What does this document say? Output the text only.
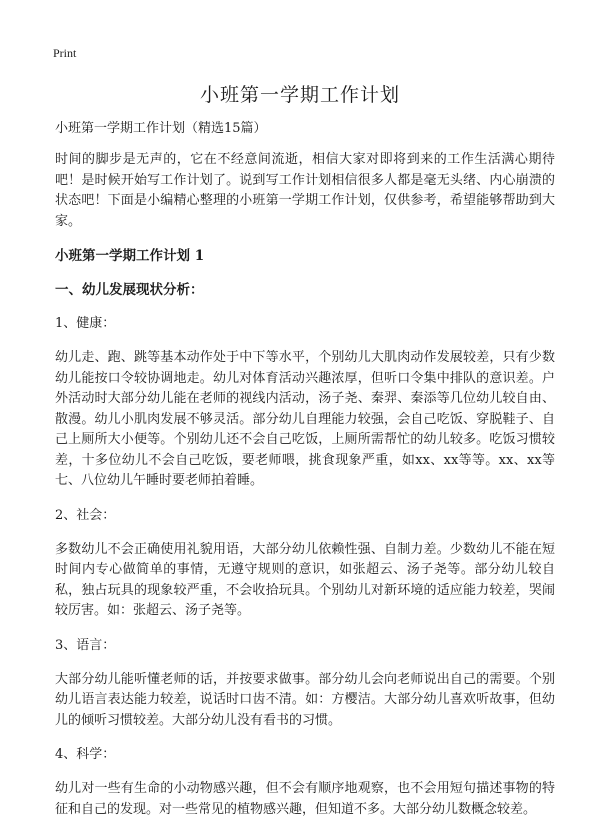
Print
小班第一学期工作计划

小班第一学期工作计划（精选15篇）

时间的脚步是无声的，它在不经意间流逝，相信大家对即将到来的工作生活满心期待吧！是时候开始写工作计划了。说到写工作计划相信很多人都是毫无头绪、内心崩溃的状态吧！下面是小编精心整理的小班第一学期工作计划，仅供参考，希望能够帮助到大家。

小班第一学期工作计划 1

一、幼儿发展现状分析：

1、健康：

幼儿走、跑、跳等基本动作处于中下等水平，个别幼儿大肌肉动作发展较差，只有少数幼儿能按口令较协调地走。幼儿对体育活动兴趣浓厚，但听口令集中排队的意识差。户外活动时大部分幼儿能在老师的视线内活动，汤子尧、秦羿、秦添等几位幼儿较自由、散漫。幼儿小肌肉发展不够灵活。部分幼儿自理能力较强，会自己吃饭、穿脱鞋子、自己上厕所大小便等。个别幼儿还不会自己吃饭，上厕所需帮忙的幼儿较多。吃饭习惯较差，十多位幼儿不会自己吃饭，要老师喂，挑食现象严重，如xx、xx等等。xx、xx等七、八位幼儿午睡时要老师拍着睡。

2、社会：

多数幼儿不会正确使用礼貌用语，大部分幼儿依赖性强、自制力差。少数幼儿不能在短时间内专心做简单的事情，无遵守规则的意识，如张超云、汤子尧等。部分幼儿较自私，独占玩具的现象较严重，不会收拾玩具。个别幼儿对新环境的适应能力较差，哭闹较厉害。如：张超云、汤子尧等。

3、语言：

大部分幼儿能听懂老师的话，并按要求做事。部分幼儿会向老师说出自己的需要。个别幼儿语言表达能力较差，说话时口齿不清。如：方樱洁。大部分幼儿喜欢听故事，但幼儿的倾听习惯较差。大部分幼儿没有看书的习惯。

4、科学：

幼儿对一些有生命的小动物感兴趣，但不会有顺序地观察，也不会用短句描述事物的特征和自己的发现。对一些常见的植物感兴趣，但知道不多。大部分幼儿数概念较差。
